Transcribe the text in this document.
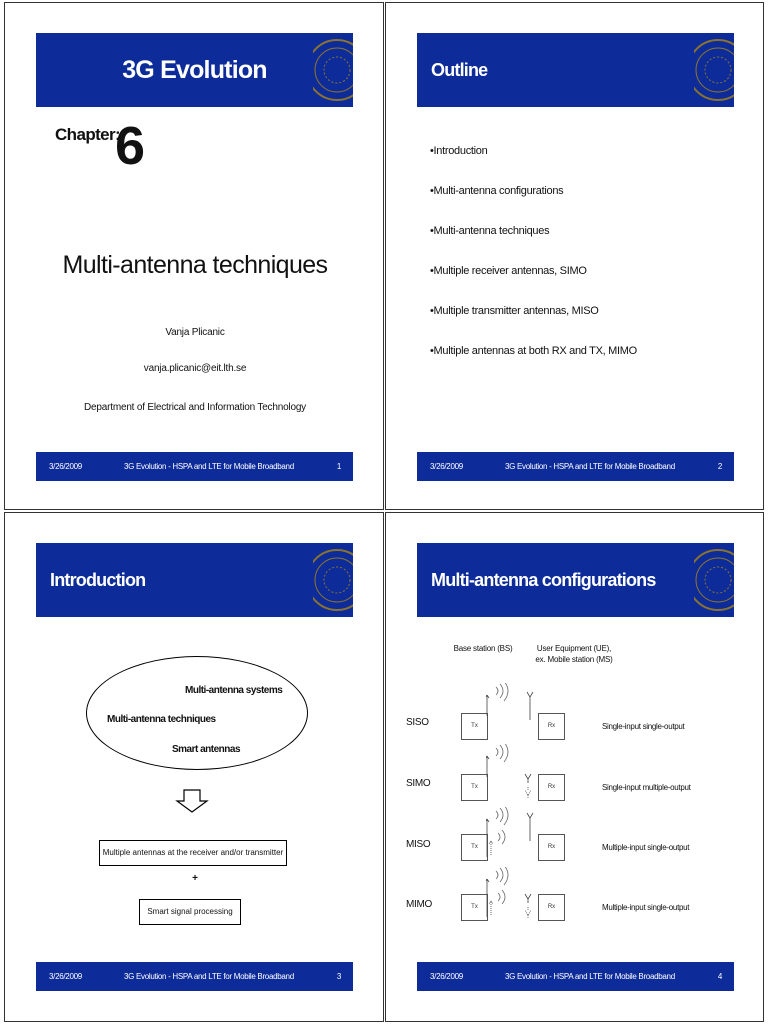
3G Evolution
Chapter:
6
Multi-antenna techniques
Vanja Plicanic
vanja.plicanic@eit.lth.se
Department of Electrical and Information Technology
3/26/2009	3G Evolution - HSPA and LTE for Mobile Broadband	1
Outline
•Introduction
•Multi-antenna configurations
•Multi-antenna techniques
•Multiple receiver antennas, SIMO
•Multiple transmitter antennas, MISO
•Multiple antennas at both RX and TX, MIMO
3/26/2009	3G Evolution - HSPA and LTE for Mobile Broadband	2
Introduction
Multi-antenna systems
Multi-antenna techniques
Smart antennas
Multiple antennas at the receiver and/or transmitter
+
Smart signal processing
3/26/2009	3G Evolution - HSPA and LTE for Mobile Broadband	3
Multi-antenna configurations
Base station (BS)	User Equipment (UE),
ex. Mobile station (MS)
SISO	Tx	Rx	Single-input single-output
SIMO	Tx	Rx	Single-input multiple-output
MISO	Tx	Rx	Multiple-input single-output
MIMO	Tx	Rx	Multiple-input single-output
3/26/2009	3G Evolution - HSPA and LTE for Mobile Broadband	4
